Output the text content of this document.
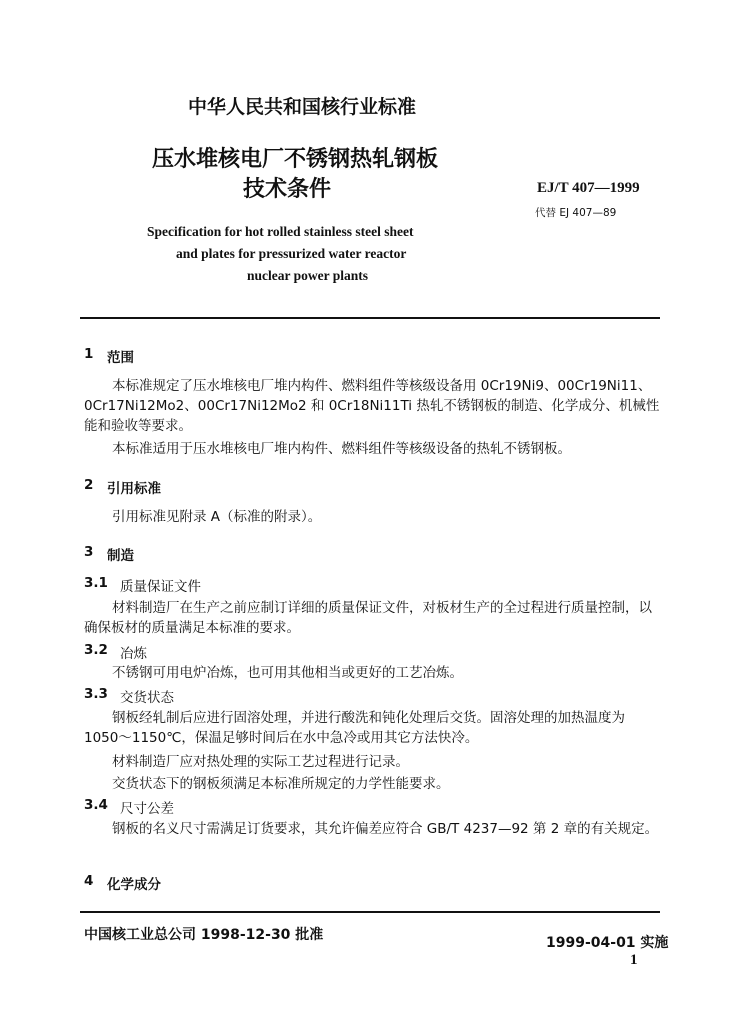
中华人民共和国核行业标准
压水堆核电厂不锈钢热轧钢板
技术条件	EJ/T 407—1999
代替 EJ 407—89
Specification for hot rolled stainless steel sheet
and plates for pressurized water reactor
nuclear power plants
1 范围
本标准规定了压水堆核电厂堆内构件、燃料组件等核级设备用 0Cr19Ni9、00Cr19Ni11、0Cr17Ni12Mo2、00Cr17Ni12Mo2 和 0Cr18Ni11Ti 热轧不锈钢板的制造、化学成分、机械性能和验收等要求。
本标准适用于压水堆核电厂堆内构件、燃料组件等核级设备的热轧不锈钢板。
2 引用标准
引用标准见附录 A（标准的附录）。
3 制造
3.1 质量保证文件
材料制造厂在生产之前应制订详细的质量保证文件，对板材生产的全过程进行质量控制，以确保板材的质量满足本标准的要求。
3.2 冶炼
不锈钢可用电炉冶炼，也可用其他相当或更好的工艺冶炼。
3.3 交货状态
钢板经轧制后应进行固溶处理，并进行酸洗和钝化处理后交货。固溶处理的加热温度为 1050～1150℃，保温足够时间后在水中急冷或用其它方法快冷。
材料制造厂应对热处理的实际工艺过程进行记录。
交货状态下的钢板须满足本标准所规定的力学性能要求。
3.4 尺寸公差
钢板的名义尺寸需满足订货要求，其允许偏差应符合 GB/T 4237—92 第 2 章的有关规定。
4 化学成分
中国核工业总公司 1998-12-30 批准	1999-04-01 实施
1
